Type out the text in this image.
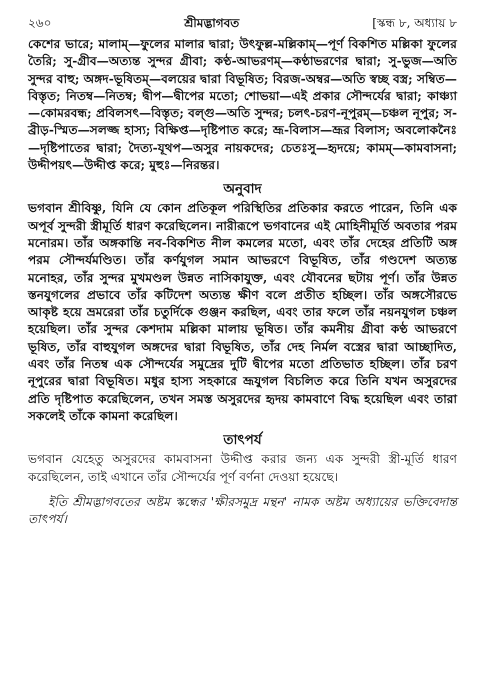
২৬০	শ্রীমদ্ভাগবত	[স্কন্ধ ৮, অধ্যায় ৮

কেশের ভারে; মালাম্—ফুলের মালার দ্বারা; উৎফুল্ল-মল্লিকাম্—পূর্ণ বিকশিত মল্লিকা ফুলের তৈরি; সু-গ্রীব—অত্যন্ত সুন্দর গ্রীবা; কণ্ঠ-আভরণম্—কণ্ঠাভরণের দ্বারা; সু-ভুজ—অতি সুন্দর বাহু; অঙ্গদ-ভূষিতম্—বলয়ের দ্বারা বিভূষিত; বিরজ-অম্বর—অতি স্বচ্ছ বস্ত্র; সম্বিত—বিস্তৃত; নিতম্ব—নিতম্ব; দ্বীপ—দ্বীপের মতো; শোভয়া—এই প্রকার সৌন্দর্যের দ্বারা; কাঞ্চ্যা—কোমরবন্ধ; প্রবিলসৎ—বিস্তৃত; বল্গু—অতি সুন্দর; চলৎ-চরণ-নূপুরম্—চঞ্চল নূপুর; স-ব্রীড়-স্মিত—সলজ্জ হাস্য; বিক্ষিপ্ত—দৃষ্টিপাত করে; ভ্রূ-বিলাস—ভ্রূর বিলাস; অবলোকনৈঃ—দৃষ্টিপাতের দ্বারা; দৈত্য-যূথপ—অসুর নায়কদের; চেতঃসু—হৃদয়ে; কামম্—কামবাসনা; উদ্দীপয়ৎ—উদ্দীপ্ত করে; মুহুঃ—নিরন্তর।

অনুবাদ

ভগবান শ্রীবিষ্ণু, যিনি যে কোন প্রতিকূল পরিস্থিতির প্রতিকার করতে পারেন, তিনি এক অপূর্ব সুন্দরী স্ত্রীমূর্তি ধারণ করেছিলেন। নারীরূপে ভগবানের এই মোহিনীমূর্তি অবতার পরম মনোরম। তাঁর অঙ্গকান্তি নব-বিকশিত নীল কমলের মতো, এবং তাঁর দেহের প্রতিটি অঙ্গ পরম সৌন্দর্যমণ্ডিত। তাঁর কর্ণযুগল সমান আভরণে বিভূষিত, তাঁর গণ্ডদেশ অত্যন্ত মনোহর, তাঁর সুন্দর মুখমণ্ডল উন্নত নাসিকাযুক্ত, এবং যৌবনের ছটায় পূর্ণ। তাঁর উন্নত স্তনযুগলের প্রভাবে তাঁর কটিদেশ অত্যন্ত ক্ষীণ বলে প্রতীত হচ্ছিল। তাঁর অঙ্গসৌরভে আকৃষ্ট হয়ে ভ্রমরেরা তাঁর চতুর্দিকে গুঞ্জন করছিল, এবং তার ফলে তাঁর নয়নযুগল চঞ্চল হয়েছিল। তাঁর সুন্দর কেশদাম মল্লিকা মালায় ভূষিত। তাঁর কমনীয় গ্রীবা কণ্ঠ আভরণে ভূষিত, তাঁর বাহুযুগল অঙ্গদের দ্বারা বিভূষিত, তাঁর দেহ নির্মল বস্ত্রের দ্বারা আচ্ছাদিত, এবং তাঁর নিতম্ব এক সৌন্দর্যের সমুদ্রের দুটি দ্বীপের মতো প্রতিভাত হচ্ছিল। তাঁর চরণ নূপুরের দ্বারা বিভূষিত। মধুর হাস্য সহকারে ভ্রূযুগল বিচলিত করে তিনি যখন অসুরদের প্রতি দৃষ্টিপাত করেছিলেন, তখন সমস্ত অসুরদের হৃদয় কামবাণে বিদ্ধ হয়েছিল এবং তারা সকলেই তাঁকে কামনা করেছিল।

তাৎপর্য

ভগবান যেহেতু অসুরদের কামবাসনা উদ্দীপ্ত করার জন্য এক সুন্দরী স্ত্রী-মূর্তি ধারণ করেছিলেন, তাই এখানে তাঁর সৌন্দর্যের পূর্ণ বর্ণনা দেওয়া হয়েছে।

ইতি শ্রীমদ্ভাগবতের অষ্টম স্কন্ধের 'ক্ষীরসমুদ্র মন্থন' নামক অষ্টম অধ্যায়ের ভক্তিবেদান্ত তাৎপর্য।
